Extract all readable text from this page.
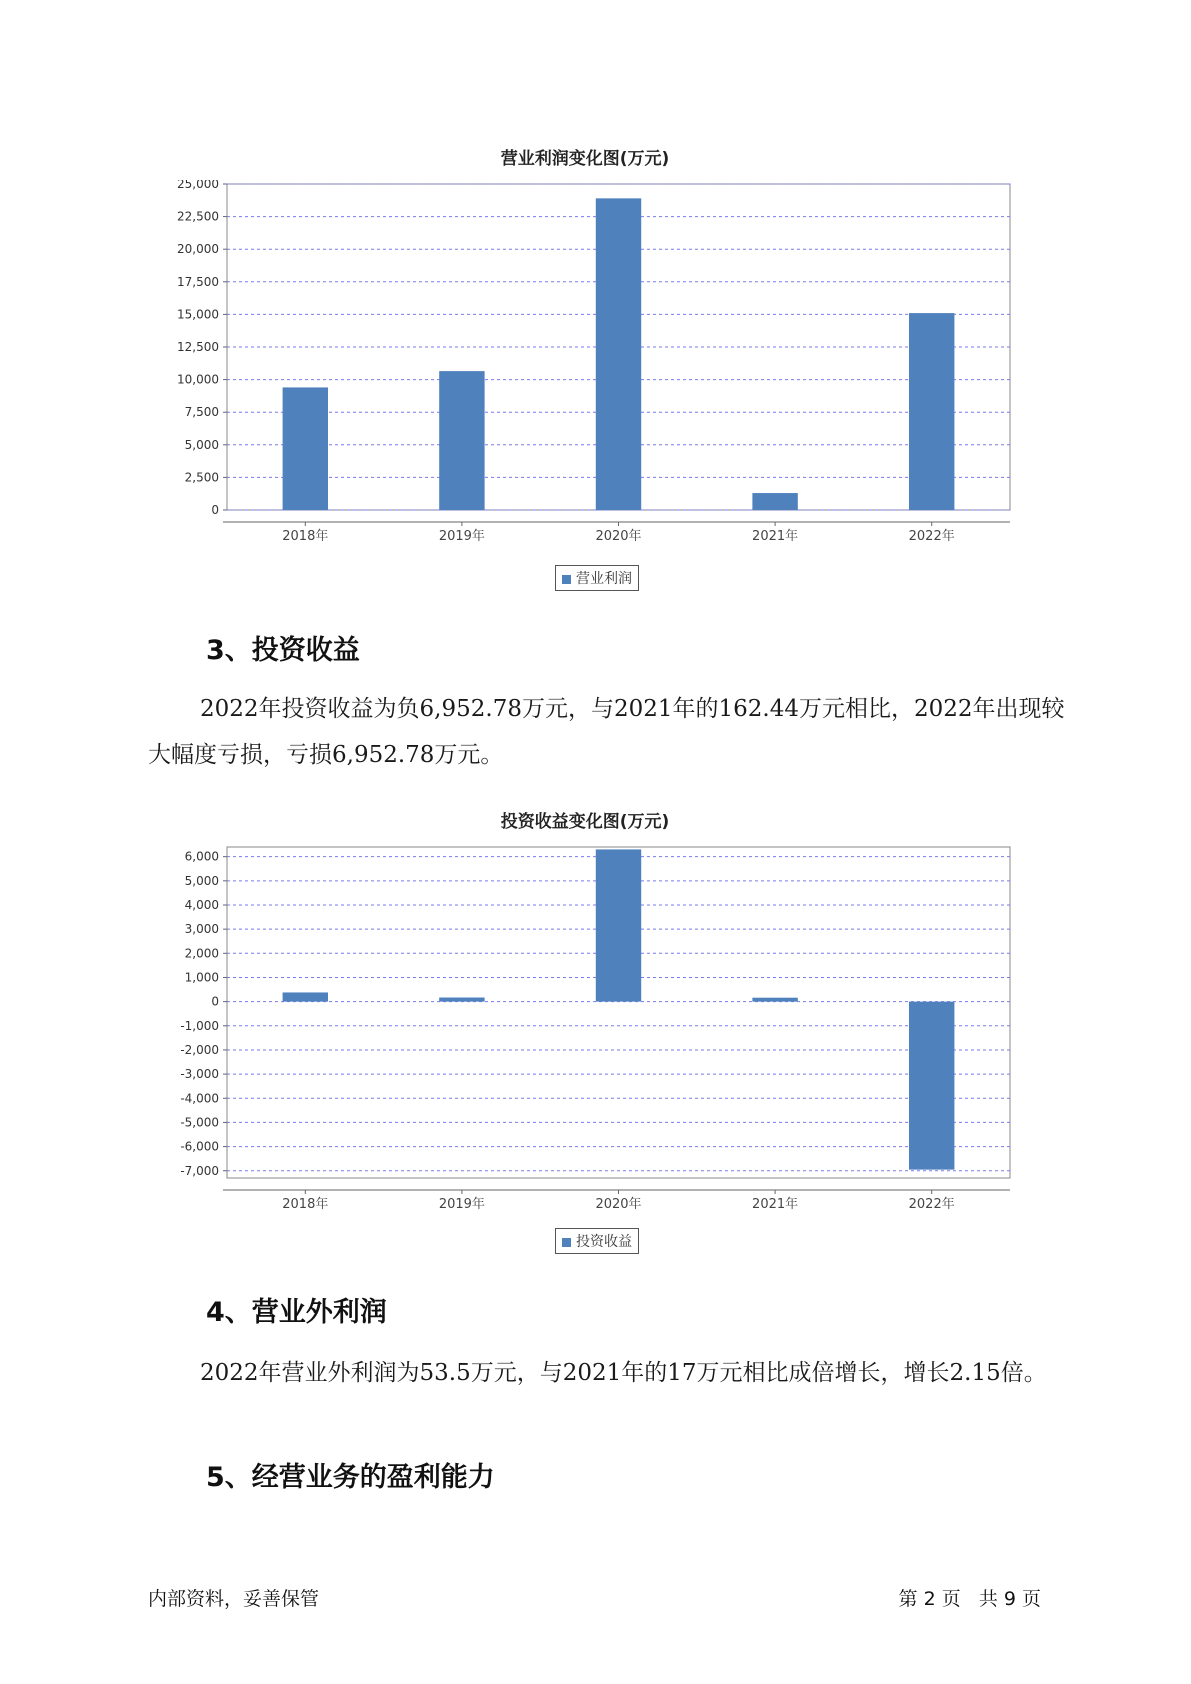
营业利润变化图(万元)
0
2,500
5,000
7,500
10,000
12,500
15,000
17,500
20,000
22,500
25,000
2018年	2019年	2020年	2021年	2022年
营业利润
3、投资收益
2022年投资收益为负6,952.78万元，与2021年的162.44万元相比，2022年出现较大幅度亏损，亏损6,952.78万元。
投资收益变化图(万元)
-7,000
-6,000
-5,000
-4,000
-3,000
-2,000
-1,000
0
1,000
2,000
3,000
4,000
5,000
6,000
2018年	2019年	2020年	2021年	2022年
投资收益
4、营业外利润
2022年营业外利润为53.5万元，与2021年的17万元相比成倍增长，增长2.15倍。
5、经营业务的盈利能力
内部资料，妥善保管	第 2 页   共 9 页
